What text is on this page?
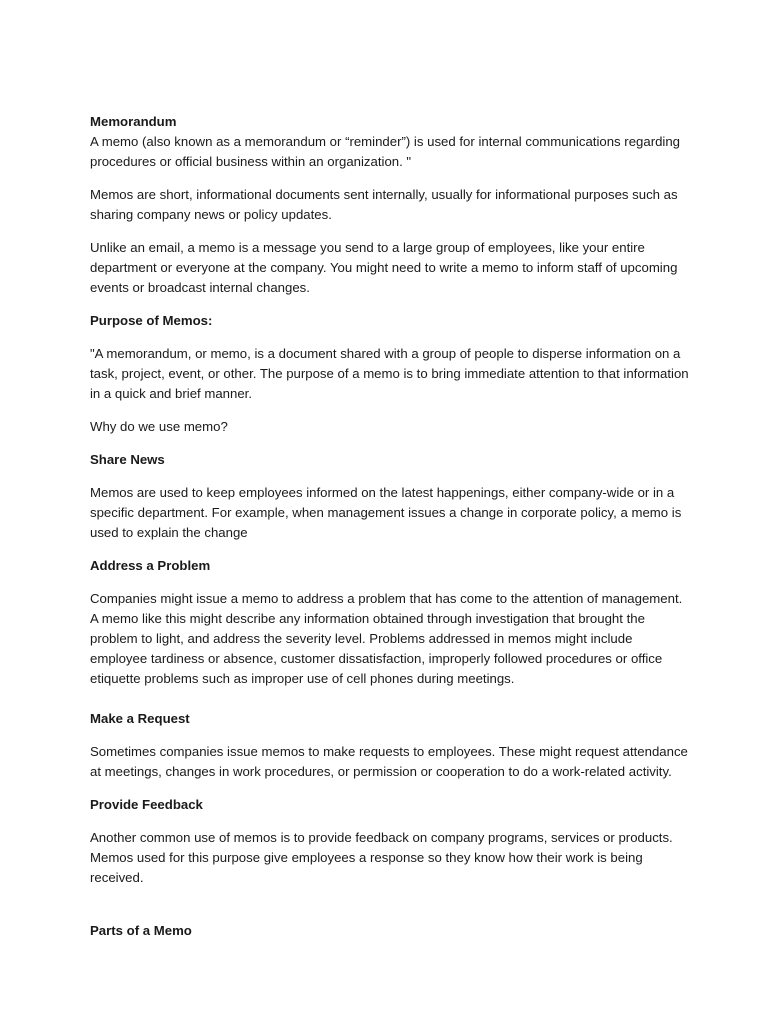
Memorandum

A memo (also known as a memorandum or “reminder”) is used for internal communications regarding procedures or official business within an organization. "

Memos are short, informational documents sent internally, usually for informational purposes such as sharing company news or policy updates.

Unlike an email, a memo is a message you send to a large group of employees, like your entire department or everyone at the company. You might need to write a memo to inform staff of upcoming events or broadcast internal changes.

Purpose of Memos:

"A memorandum, or memo, is a document shared with a group of people to disperse information on a task, project, event, or other. The purpose of a memo is to bring immediate attention to that information in a quick and brief manner.

Why do we use memo?

Share News

Memos are used to keep employees informed on the latest happenings, either company-wide or in a specific department. For example, when management issues a change in corporate policy, a memo is used to explain the change

Address a Problem

Companies might issue a memo to address a problem that has come to the attention of management. A memo like this might describe any information obtained through investigation that brought the problem to light, and address the severity level. Problems addressed in memos might include employee tardiness or absence, customer dissatisfaction, improperly followed procedures or office etiquette problems such as improper use of cell phones during meetings.

Make a Request

Sometimes companies issue memos to make requests to employees. These might request attendance at meetings, changes in work procedures, or permission or cooperation to do a work-related activity.

Provide Feedback

Another common use of memos is to provide feedback on company programs, services or products. Memos used for this purpose give employees a response so they know how their work is being received.

Parts of a Memo
